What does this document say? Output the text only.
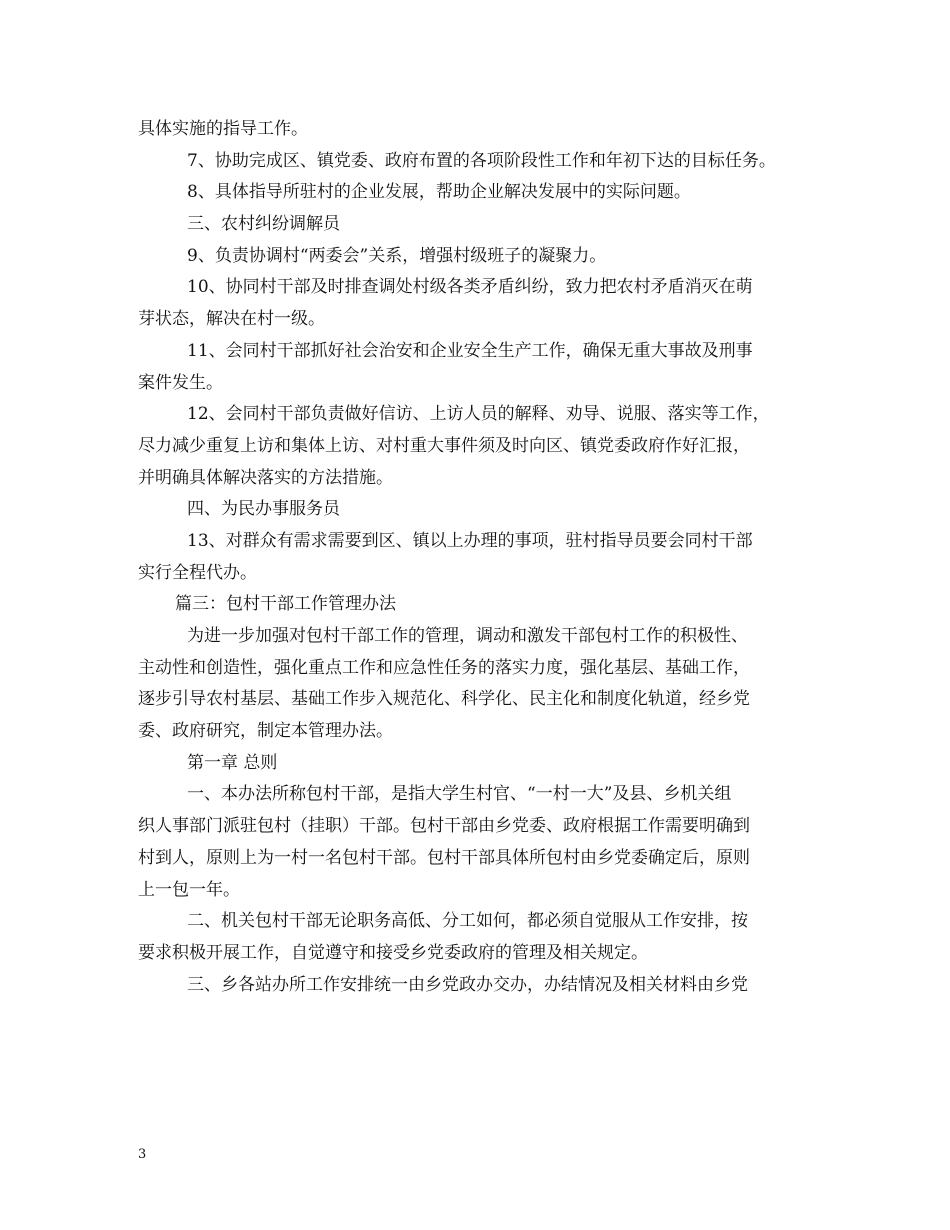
具体实施的指导工作。
7、协助完成区、镇党委、政府布置的各项阶段性工作和年初下达的目标任务。
8、具体指导所驻村的企业发展，帮助企业解决发展中的实际问题。
三、农村纠纷调解员
9、负责协调村“两委会”关系，增强村级班子的凝聚力。
10、协同村干部及时排查调处村级各类矛盾纠纷，致力把农村矛盾消灭在萌
芽状态，解决在村一级。
11、会同村干部抓好社会治安和企业安全生产工作，确保无重大事故及刑事
案件发生。
12、会同村干部负责做好信访、上访人员的解释、劝导、说服、落实等工作，
尽力减少重复上访和集体上访、对村重大事件须及时向区、镇党委政府作好汇报，
并明确具体解决落实的方法措施。
四、为民办事服务员
13、对群众有需求需要到区、镇以上办理的事项，驻村指导员要会同村干部
实行全程代办。
篇三：包村干部工作管理办法
为进一步加强对包村干部工作的管理，调动和激发干部包村工作的积极性、
主动性和创造性，强化重点工作和应急性任务的落实力度，强化基层、基础工作，
逐步引导农村基层、基础工作步入规范化、科学化、民主化和制度化轨道，经乡党
委、政府研究，制定本管理办法。
第一章 总则
一、本办法所称包村干部，是指大学生村官、“一村一大”及县、乡机关组
织人事部门派驻包村（挂职）干部。包村干部由乡党委、政府根据工作需要明确到
村到人，原则上为一村一名包村干部。包村干部具体所包村由乡党委确定后，原则
上一包一年。
二、机关包村干部无论职务高低、分工如何，都必须自觉服从工作安排，按
要求积极开展工作，自觉遵守和接受乡党委政府的管理及相关规定。
三、乡各站办所工作安排统一由乡党政办交办，办结情况及相关材料由乡党
3
